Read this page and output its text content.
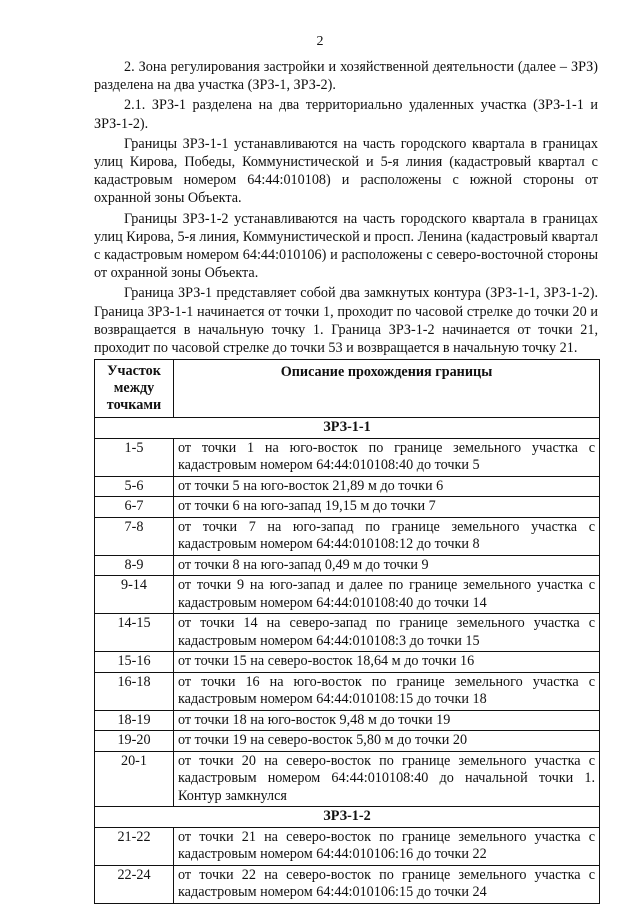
2

2. Зона регулирования застройки и хозяйственной деятельности (далее – ЗРЗ) разделена на два участка (ЗРЗ-1, ЗРЗ-2).

2.1. ЗРЗ-1 разделена на два территориально удаленных участка (ЗРЗ-1-1 и ЗРЗ-1-2).

Границы ЗРЗ-1-1 устанавливаются на часть городского квартала в границах улиц Кирова, Победы, Коммунистической и 5-я линия (кадастровый квартал с кадастровым номером 64:44:010108) и расположены с южной стороны от охранной зоны Объекта.

Границы ЗРЗ-1-2 устанавливаются на часть городского квартала в границах улиц Кирова, 5-я линия, Коммунистической и просп. Ленина (кадастровый квартал с кадастровым номером 64:44:010106) и расположены с северо-восточной стороны от охранной зоны Объекта.

Граница ЗРЗ-1 представляет собой два замкнутых контура (ЗРЗ-1-1, ЗРЗ-1-2). Граница ЗРЗ-1-1 начинается от точки 1, проходит по часовой стрелке до точки 20 и возвращается в начальную точку 1. Граница ЗРЗ-1-2 начинается от точки 21, проходит по часовой стрелке до точки 53 и возвращается в начальную точку 21.

Участок между точками	Описание прохождения границы
ЗРЗ-1-1	
1-5	от точки 1 на юго-восток по границе земельного участка с кадастровым номером 64:44:010108:40 до точки 5
5-6	от точки 5 на юго-восток 21,89 м до точки 6
6-7	от точки 6 на юго-запад 19,15 м до точки 7
7-8	от точки 7 на юго-запад по границе земельного участка с кадастровым номером 64:44:010108:12 до точки 8
8-9	от точки 8 на юго-запад 0,49 м до точки 9
9-14	от точки 9 на юго-запад и далее по границе земельного участка с кадастровым номером 64:44:010108:40 до точки 14
14-15	от точки 14 на северо-запад по границе земельного участка с кадастровым номером 64:44:010108:3 до точки 15
15-16	от точки 15 на северо-восток 18,64 м до точки 16
16-18	от точки 16 на юго-восток по границе земельного участка с кадастровым номером 64:44:010108:15 до точки 18
18-19	от точки 18 на юго-восток 9,48 м до точки 19
19-20	от точки 19 на северо-восток 5,80 м до точки 20
20-1	от точки 20 на северо-восток по границе земельного участка с кадастровым номером 64:44:010108:40 до начальной точки 1. Контур замкнулся
ЗРЗ-1-2	
21-22	от точки 21 на северо-восток по границе земельного участка с кадастровым номером 64:44:010106:16 до точки 22
22-24	от точки 22 на северо-восток по границе земельного участка с кадастровым номером 64:44:010106:15 до точки 24
